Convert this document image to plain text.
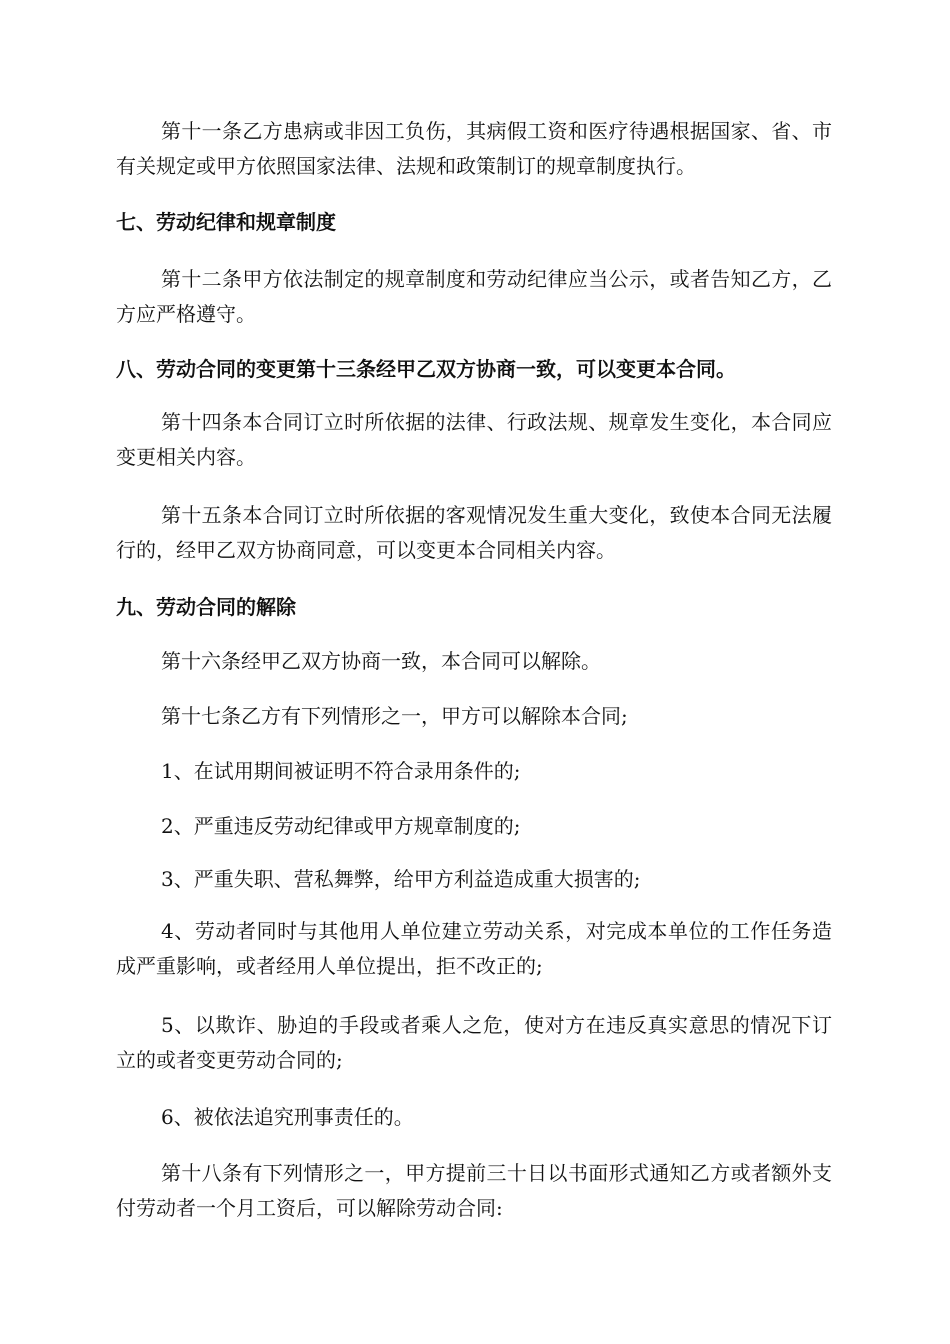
第十一条乙方患病或非因工负伤，其病假工资和医疗待遇根据国家、省、市有关规定或甲方依照国家法律、法规和政策制订的规章制度执行。

七、劳动纪律和规章制度

第十二条甲方依法制定的规章制度和劳动纪律应当公示，或者告知乙方，乙方应严格遵守。

八、劳动合同的变更第十三条经甲乙双方协商一致，可以变更本合同。

第十四条本合同订立时所依据的法律、行政法规、规章发生变化，本合同应变更相关内容。

第十五条本合同订立时所依据的客观情况发生重大变化，致使本合同无法履行的，经甲乙双方协商同意，可以变更本合同相关内容。

九、劳动合同的解除

第十六条经甲乙双方协商一致，本合同可以解除。

第十七条乙方有下列情形之一，甲方可以解除本合同;

1、在试用期间被证明不符合录用条件的;

2、严重违反劳动纪律或甲方规章制度的;

3、严重失职、营私舞弊，给甲方利益造成重大损害的;

4、劳动者同时与其他用人单位建立劳动关系，对完成本单位的工作任务造成严重影响，或者经用人单位提出，拒不改正的;

5、以欺诈、胁迫的手段或者乘人之危，使对方在违反真实意思的情况下订立的或者变更劳动合同的;

6、被依法追究刑事责任的。

第十八条有下列情形之一，甲方提前三十日以书面形式通知乙方或者额外支付劳动者一个月工资后，可以解除劳动合同:
